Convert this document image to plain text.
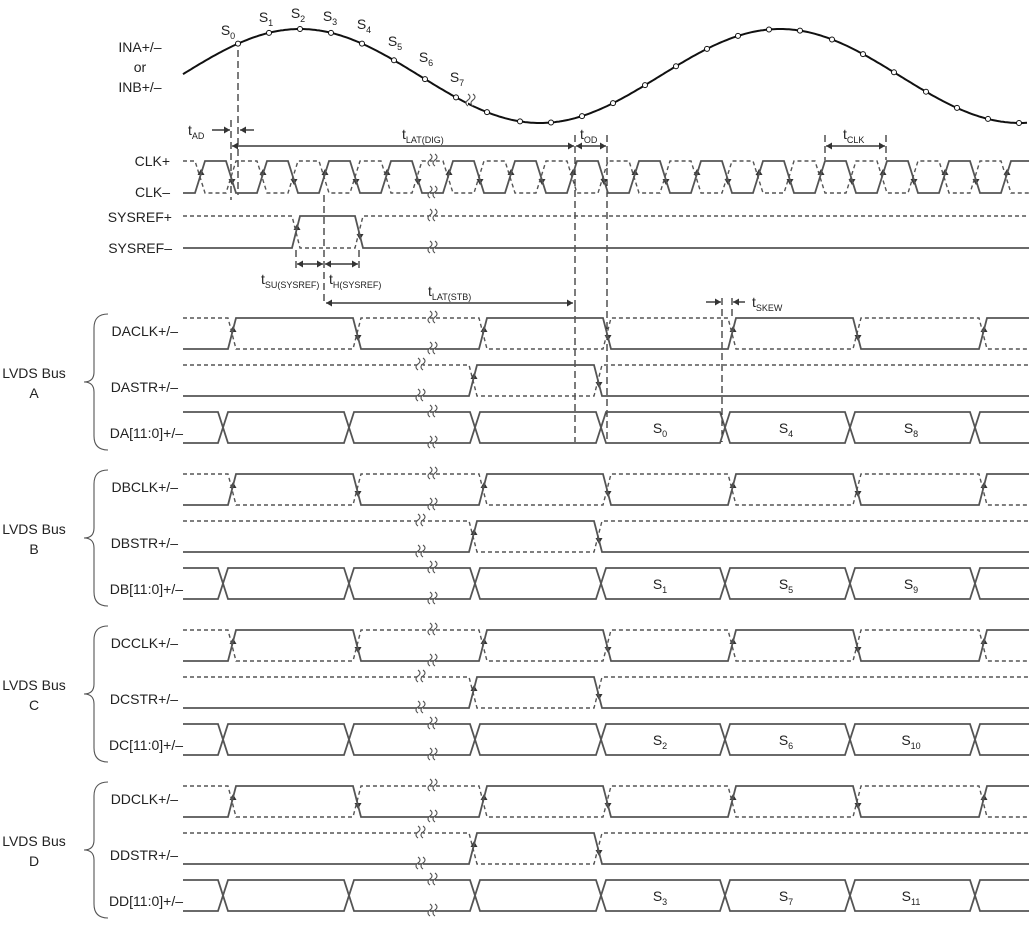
INA+/–
or
INB+/–
$S_0$
$S_1$
$S_2$ $S_3$ $S_4$
$S_5$
$S_6$
$S_7$
$t_{AD}$	$t_{LAT(DIG)}$	$t_{OD}$	$t_{CLK}$
$t_{SU(SYSREF)}$ $t_{H(SYSREF)}$	$t_{LAT(STB)}$	$t_{SKEW}$
CLK+
CLK–
SYSREF+
SYSREF–
LVDS Bus
A
DACLK+/–
DASTR+/–
DA[11:0]+/–	$S_0$	$S_4$	$S_8$
LVDS Bus
B
DBCLK+/–
DBSTR+/–
DB[11:0]+/–	$S_1$	$S_5$	$S_9$
LVDS Bus
C
DCCLK+/–
DCSTR+/–
DC[11:0]+/–	$S_2$	$S_6$	$S_{10}$
LVDS Bus
D
DDCLK+/–
DDSTR+/–
DD[11:0]+/–	$S_3$	$S_7$	$S_{11}$
